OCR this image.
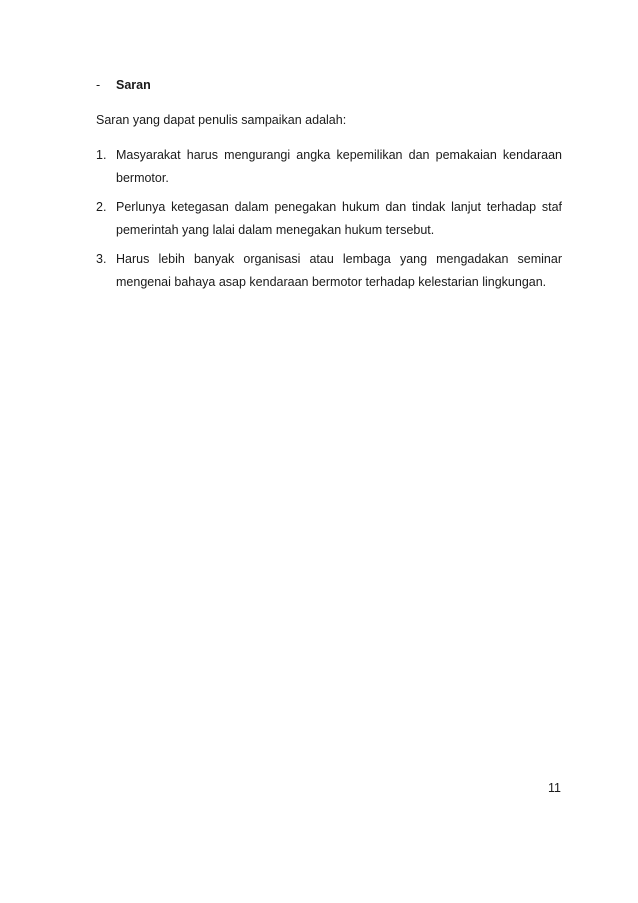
-	Saran
Saran yang dapat penulis sampaikan adalah:
1. Masyarakat harus mengurangi angka kepemilikan dan pemakaian kendaraan bermotor.
2. Perlunya ketegasan dalam penegakan hukum dan tindak lanjut terhadap staf pemerintah yang lalai dalam menegakan hukum tersebut.
3. Harus lebih banyak organisasi atau lembaga yang mengadakan seminar mengenai bahaya asap kendaraan bermotor terhadap kelestarian lingkungan.
11
